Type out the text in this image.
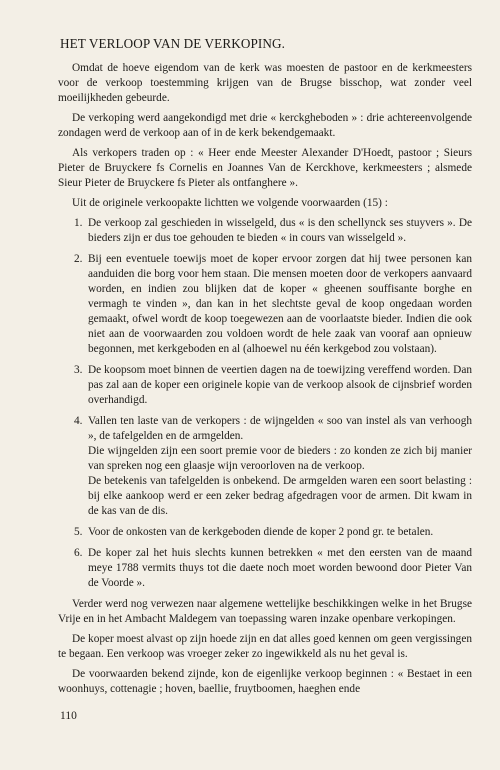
HET VERLOOP VAN DE VERKOPING.

Omdat de hoeve eigendom van de kerk was moesten de pastoor en de kerkmeesters voor de verkoop toestemming krijgen van de Brugse bisschop, wat zonder veel moeilijkheden gebeurde.

De verkoping werd aangekondigd met drie « kerckgheboden » : drie achtereenvolgende zondagen werd de verkoop aan of in de kerk bekendgemaakt.

Als verkopers traden op : « Heer ende Meester Alexander D'Hoedt, pastoor ; Sieurs Pieter de Bruyckere fs Cornelis en Joannes Van de Kerckhove, kerkmeesters ; alsmede Sieur Pieter de Bruyckere fs Pieter als ontfanghere ».

Uit de originele verkoopakte lichtten we volgende voorwaarden (15) :

1. De verkoop zal geschieden in wisselgeld, dus « is den schellynck ses stuyvers ». De bieders zijn er dus toe gehouden te bieden « in cours van wisselgeld ».
2. Bij een eventuele toewijs moet de koper ervoor zorgen dat hij twee personen kan aanduiden die borg voor hem staan. Die mensen moeten door de verkopers aanvaard worden, en indien zou blijken dat de koper « gheenen souffisante borghe en vermagh te vinden », dan kan in het slechtste geval de koop ongedaan worden gemaakt, ofwel wordt de koop toegewezen aan de voorlaatste bieder. Indien die ook niet aan de voorwaarden zou voldoen wordt de hele zaak van vooraf aan opnieuw begonnen, met kerkgeboden en al (alhoewel nu één kerkgebod zou volstaan).
3. De koopsom moet binnen de veertien dagen na de toewijzing vereffend worden. Dan pas zal aan de koper een originele kopie van de verkoop alsook de cijnsbrief worden overhandigd.
4. Vallen ten laste van de verkopers : de wijngelden « soo van instel als van verhoogh », de tafelgelden en de armgelden.
Die wijngelden zijn een soort premie voor de bieders : zo konden ze zich bij manier van spreken nog een glaasje wijn veroorloven na de verkoop.
De betekenis van tafelgelden is onbekend. De armgelden waren een soort belasting : bij elke aankoop werd er een zeker bedrag afgedragen voor de armen. Dit kwam in de kas van de dis.
5. Voor de onkosten van de kerkgeboden diende de koper 2 pond gr. te betalen.
6. De koper zal het huis slechts kunnen betrekken « met den eersten van de maand meye 1788 vermits thuys tot die daete noch moet worden bewoond door Pieter Van de Voorde ».

Verder werd nog verwezen naar algemene wettelijke beschikkingen welke in het Brugse Vrije en in het Ambacht Maldegem van toepassing waren inzake openbare verkopingen.

De koper moest alvast op zijn hoede zijn en dat alles goed kennen om geen vergissingen te begaan. Een verkoop was vroeger zeker zo ingewikkeld als nu het geval is.

De voorwaarden bekend zijnde, kon de eigenlijke verkoop beginnen : « Bestaet in een woonhuys, cottenagie ; hoven, baellie, fruytboomen, haeghen ende

110
